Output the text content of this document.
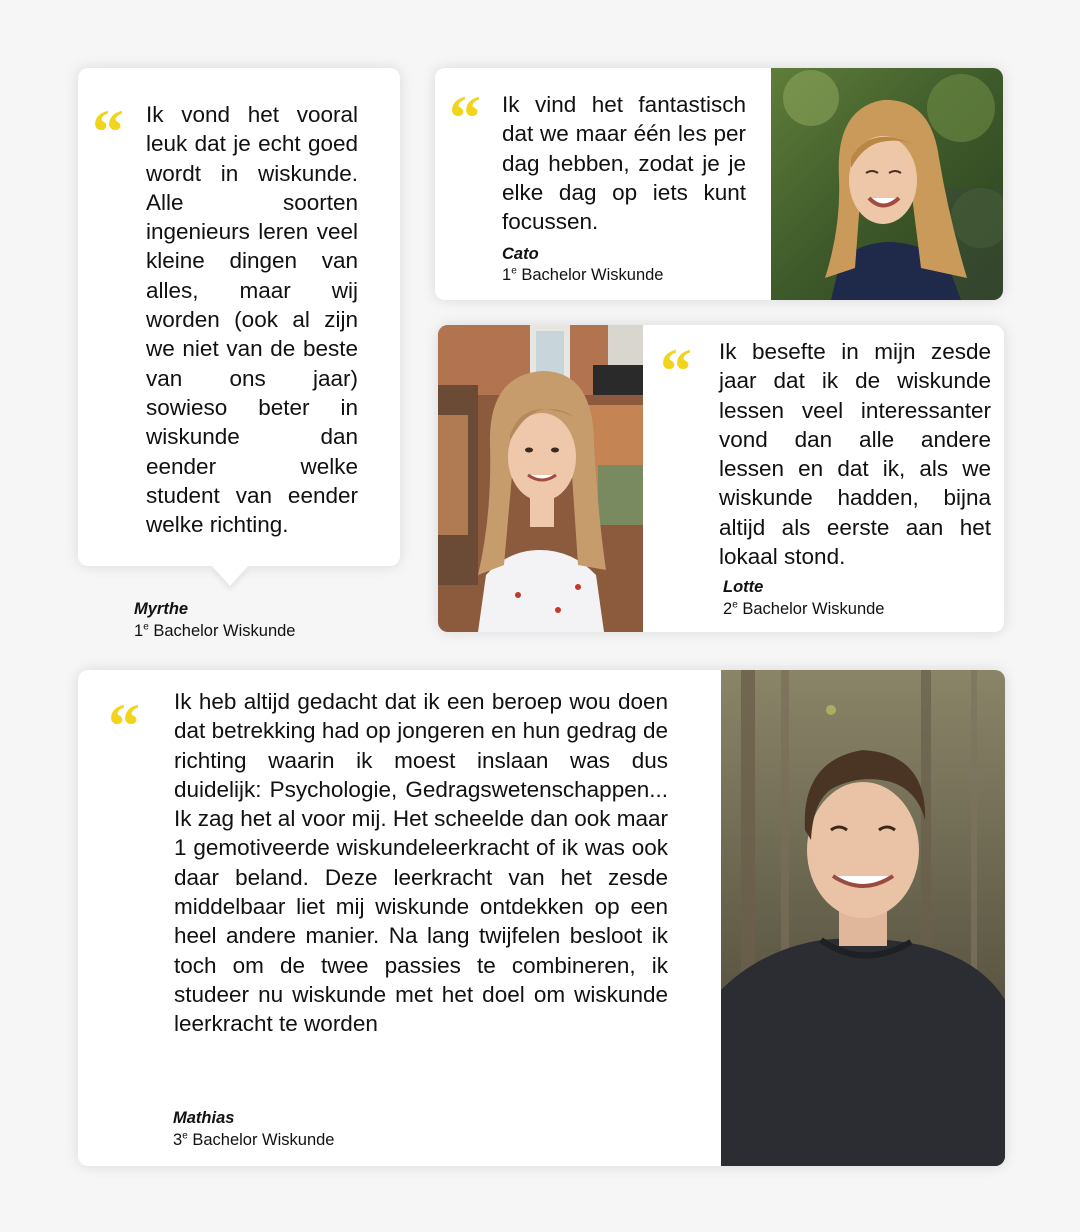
“ Ik vond het vooral leuk dat je echt goed wordt in wiskunde. Alle soorten ingenieurs leren veel kleine dingen van alles, maar wij worden (ook al zijn we niet van de beste van ons jaar) sowieso beter in wiskunde dan eender welke student van eender welke richting.

Myrthe
1e Bachelor Wiskunde
“ Ik vind het fantastisch dat we maar één les per dag hebben, zodat je je elke dag op iets kunt focussen.

Cato
1e Bachelor Wiskunde
“ Ik besefte in mijn zesde jaar dat ik de wiskunde lessen veel interessanter vond dan alle andere lessen en dat ik, als we wiskunde hadden, bijna altijd als eerste aan het lokaal stond.

Lotte
2e Bachelor Wiskunde
“ Ik heb altijd gedacht dat ik een beroep wou doen dat betrekking had op jongeren en hun gedrag de richting waarin ik moest inslaan was dus duidelijk: Psychologie, Gedragswetenschappen... Ik zag het al voor mij. Het scheelde dan ook maar 1 gemotiveerde wiskundeleerkracht of ik was ook daar beland. Deze leerkracht van het zesde middelbaar liet mij wiskunde ontdekken op een heel andere manier. Na lang twijfelen besloot ik toch om de twee passies te combineren, ik studeer nu wiskunde met het doel om wiskunde leerkracht te worden

Mathias
3e Bachelor Wiskunde
